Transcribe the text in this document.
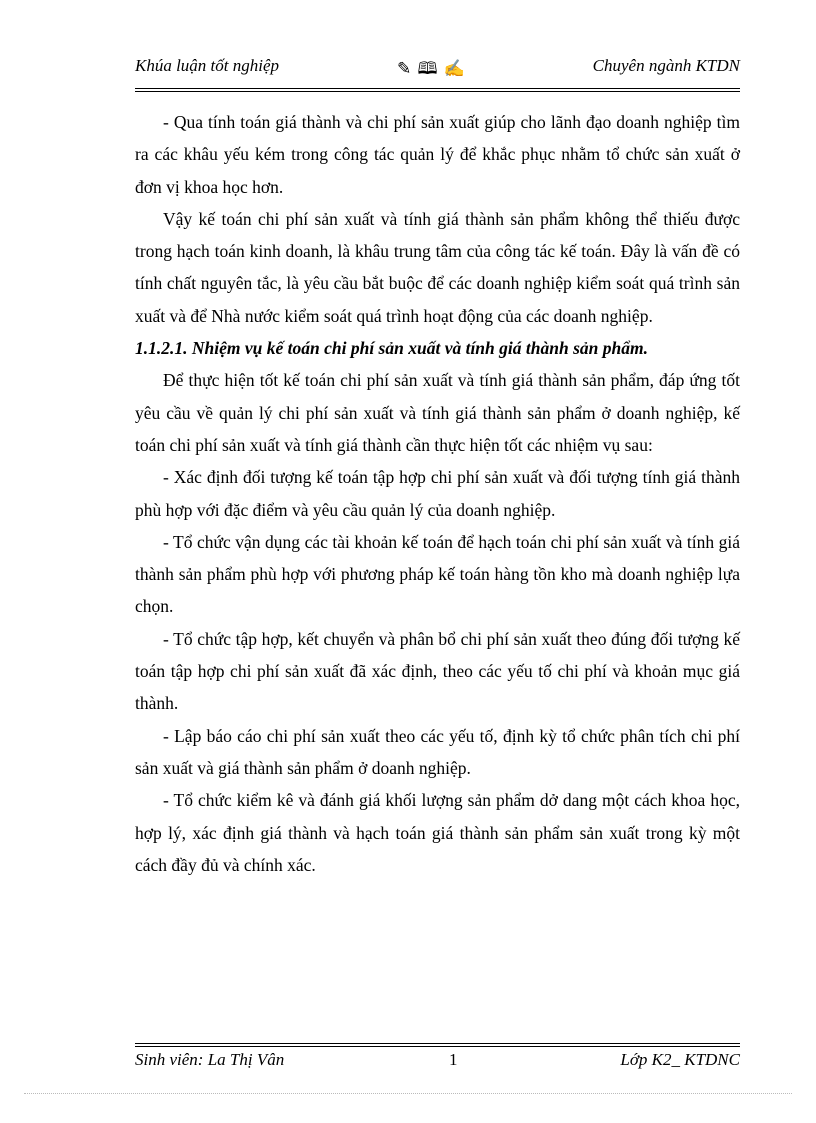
Khúa luận tốt nghiệp	✎ 🕮 ✍	Chuyên ngành KTDN

- Qua tính toán giá thành và chi phí sản xuất giúp cho lãnh đạo doanh nghiệp tìm ra các khâu yếu kém trong công tác quản lý để khắc phục nhằm tổ chức sản xuất ở đơn vị khoa học hơn.

Vậy kế toán chi phí sản xuất và tính giá thành sản phẩm không thể thiếu được trong hạch toán kinh doanh, là khâu trung tâm của công tác kế toán. Đây là vấn đề có tính chất nguyên tắc, là yêu cầu bắt buộc để các doanh nghiệp kiểm soát quá trình sản xuất và để Nhà nước kiểm soát quá trình hoạt động của các doanh nghiệp.

1.1.2.1. Nhiệm vụ kế toán chi phí sản xuất và tính giá thành sản phẩm.

Để thực hiện tốt kế toán chi phí sản xuất và tính giá thành sản phẩm, đáp ứng tốt yêu cầu về quản lý chi phí sản xuất và tính giá thành sản phẩm ở doanh nghiệp, kế toán chi phí sản xuất và tính giá thành cần thực hiện tốt các nhiệm vụ sau:

- Xác định đối tượng kế toán tập hợp chi phí sản xuất và đối tượng tính giá thành phù hợp với đặc điểm và yêu cầu quản lý của doanh nghiệp.

- Tổ chức vận dụng các tài khoản kế toán để hạch toán chi phí sản xuất và tính giá thành sản phẩm phù hợp với phương pháp kế toán hàng tồn kho mà doanh nghiệp lựa chọn.

- Tổ chức tập hợp, kết chuyển và phân bổ chi phí sản xuất theo đúng đối tượng kế toán tập hợp chi phí sản xuất đã xác định, theo các yếu tố chi phí và khoản mục giá thành.

- Lập báo cáo chi phí sản xuất theo các yếu tố, định kỳ tổ chức phân tích chi phí sản xuất và giá thành sản phẩm ở doanh nghiệp.

- Tổ chức kiểm kê và đánh giá khối lượng sản phẩm dở dang một cách khoa học, hợp lý, xác định giá thành và hạch toán giá thành sản phẩm sản xuất trong kỳ một cách đầy đủ và chính xác.

Sinh viên: La Thị Vân	1	Lớp K2_ KTDNC
